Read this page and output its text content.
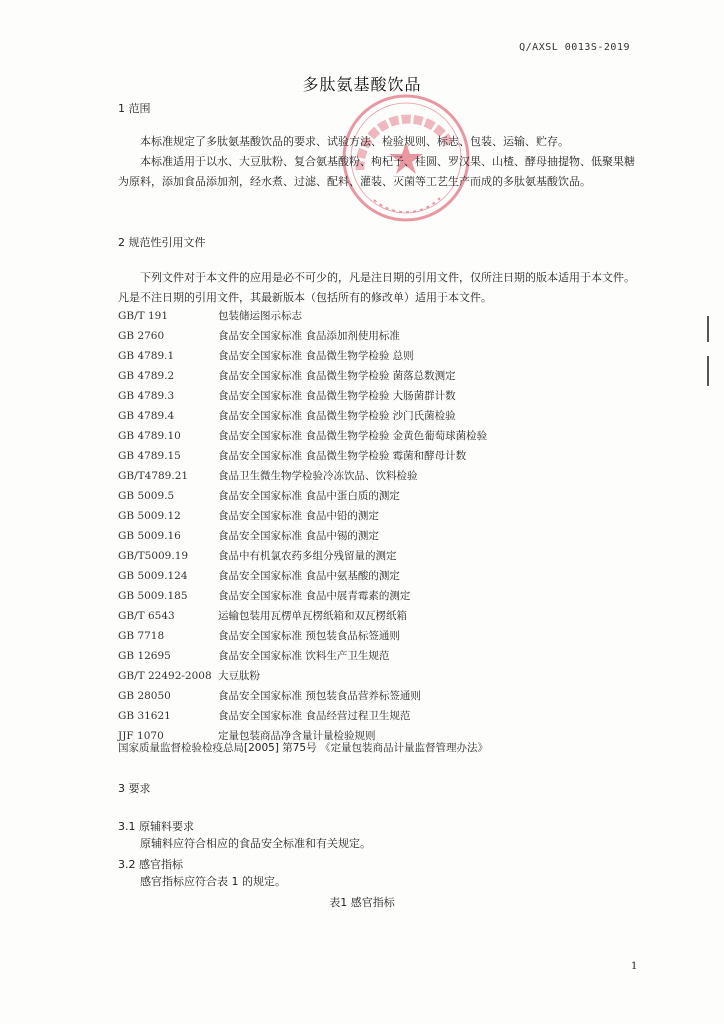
Q/AXSL 0013S-2019
多肽氨基酸饮品
1 范围
本标准规定了多肽氨基酸饮品的要求、试验方法、检验规则、标志、包装、运输、贮存。
本标准适用于以水、大豆肽粉、复合氨基酸粉、枸杞子、桂圆、罗汉果、山楂、酵母抽提物、低聚果糖为原料，添加食品添加剂，经水煮、过滤、配料、灌装、灭菌等工艺生产而成的多肽氨基酸饮品。
2 规范性引用文件
下列文件对于本文件的应用是必不可少的，凡是注日期的引用文件，仅所注日期的版本适用于本文件。凡是不注日期的引用文件，其最新版本（包括所有的修改单）适用于本文件。
GB/T 191	包装储运图示标志
GB 2760	食品安全国家标准 食品添加剂使用标准
GB 4789.1	食品安全国家标准 食品微生物学检验 总则
GB 4789.2	食品安全国家标准 食品微生物学检验 菌落总数测定
GB 4789.3	食品安全国家标准 食品微生物学检验 大肠菌群计数
GB 4789.4	食品安全国家标准 食品微生物学检验 沙门氏菌检验
GB 4789.10	食品安全国家标准 食品微生物学检验 金黄色葡萄球菌检验
GB 4789.15	食品安全国家标准 食品微生物学检验 霉菌和酵母计数
GB/T4789.21	食品卫生微生物学检验冷冻饮品、饮料检验
GB 5009.5	食品安全国家标准 食品中蛋白质的测定
GB 5009.12	食品安全国家标准 食品中铅的测定
GB 5009.16	食品安全国家标准 食品中锡的测定
GB/T5009.19	食品中有机氯农药多组分残留量的测定
GB 5009.124	食品安全国家标准 食品中氨基酸的测定
GB 5009.185	食品安全国家标准 食品中展青霉素的测定
GB/T 6543	运输包装用瓦楞单瓦楞纸箱和双瓦楞纸箱
GB 7718	食品安全国家标准 预包装食品标签通则
GB 12695	食品安全国家标准 饮料生产卫生规范
GB/T 22492-2008 大豆肽粉
GB 28050	食品安全国家标准 预包装食品营养标签通则
GB 31621	食品安全国家标准 食品经营过程卫生规范
JJF 1070	定量包装商品净含量计量检验规则
国家质量监督检验检疫总局[2005] 第75号 《定量包装商品计量监督管理办法》
3 要求
3.1 原辅料要求
原辅料应符合相应的食品安全标准和有关规定。
3.2 感官指标
感官指标应符合表 1 的规定。
表1 感官指标
1
